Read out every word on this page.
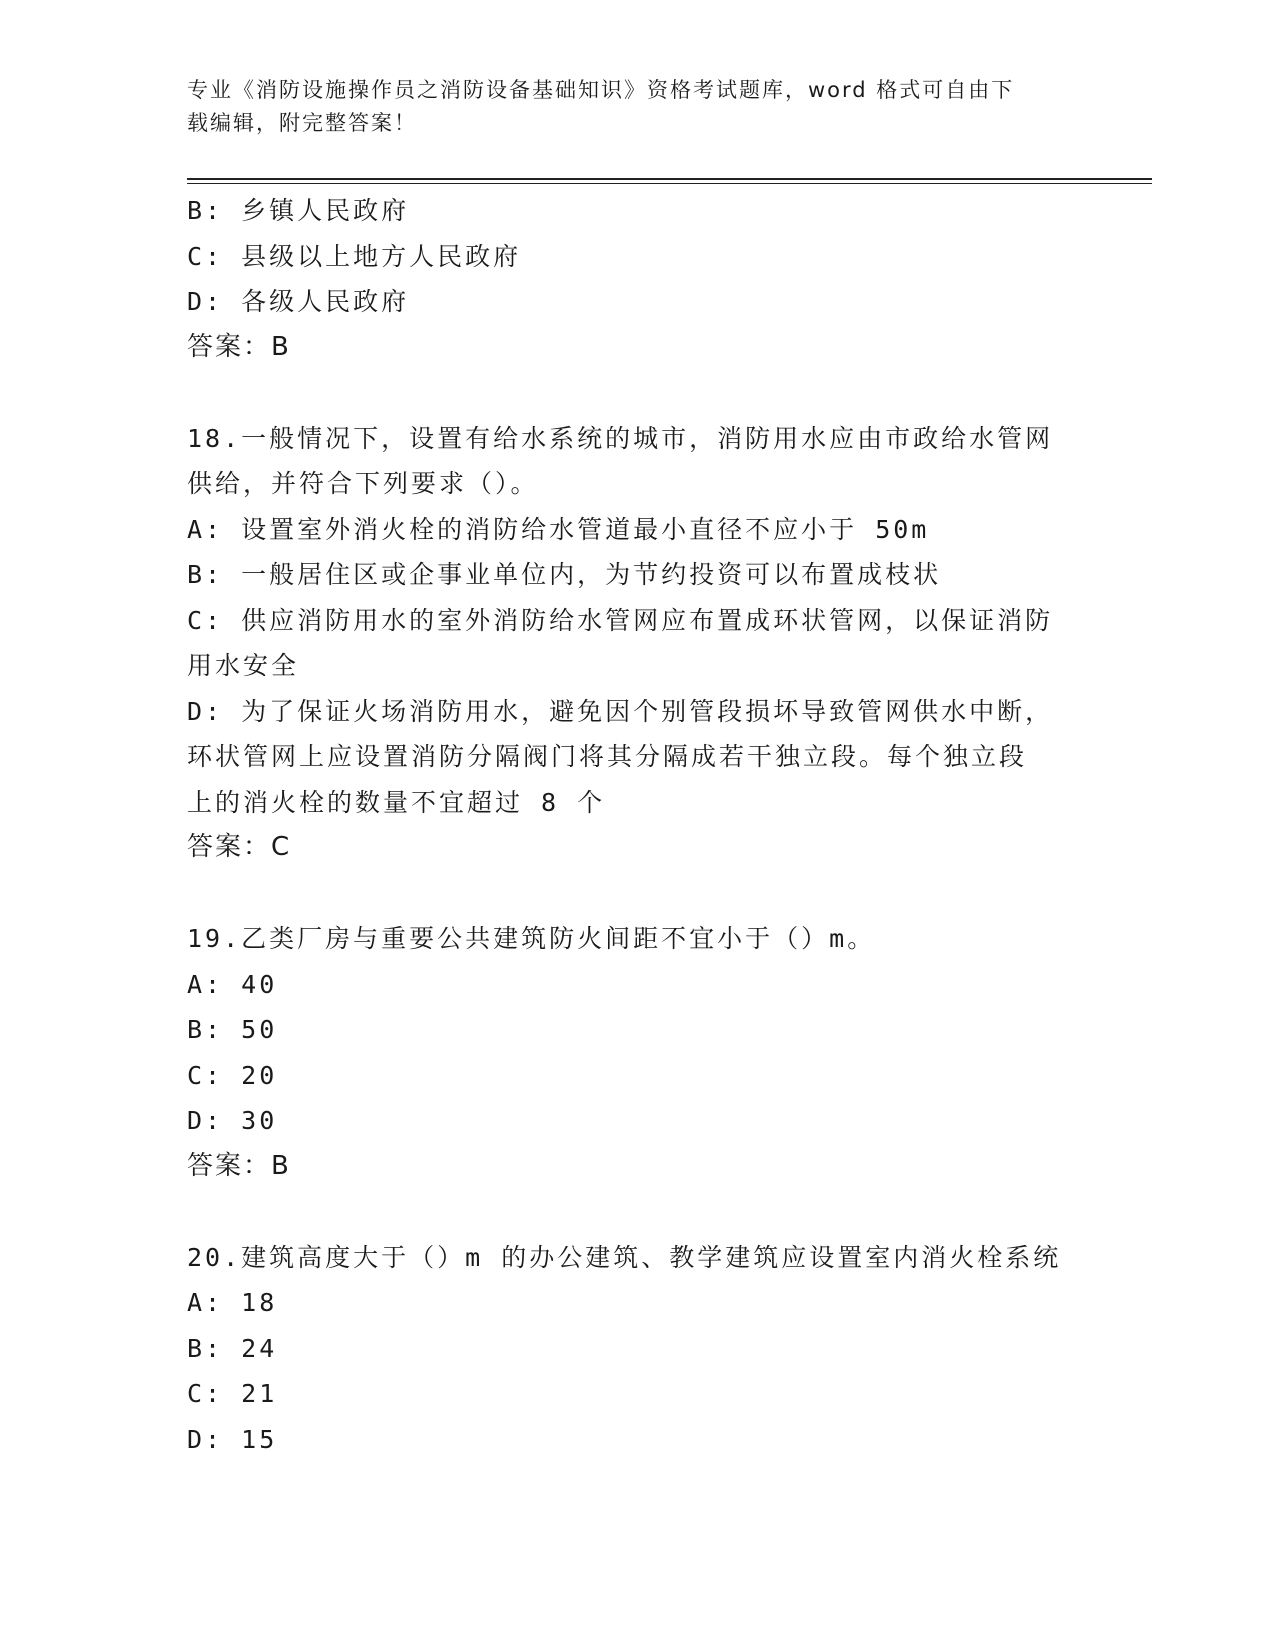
专业《消防设施操作员之消防设备基础知识》资格考试题库，word 格式可自由下
载编辑，附完整答案！
B: 乡镇人民政府
C: 县级以上地方人民政府
D: 各级人民政府
答案：B
18.一般情况下，设置有给水系统的城市，消防用水应由市政给水管网
供给，并符合下列要求（）。
A: 设置室外消火栓的消防给水管道最小直径不应小于 50m
B: 一般居住区或企事业单位内，为节约投资可以布置成枝状
C: 供应消防用水的室外消防给水管网应布置成环状管网，以保证消防
用水安全
D: 为了保证火场消防用水，避免因个别管段损坏导致管网供水中断，
环状管网上应设置消防分隔阀门将其分隔成若干独立段。每个独立段
上的消火栓的数量不宜超过 8 个
答案：C
19.乙类厂房与重要公共建筑防火间距不宜小于（）m。
A: 40
B: 50
C: 20
D: 30
答案：B
20.建筑高度大于（）m 的办公建筑、教学建筑应设置室内消火栓系统
A: 18
B: 24
C: 21
D: 15
